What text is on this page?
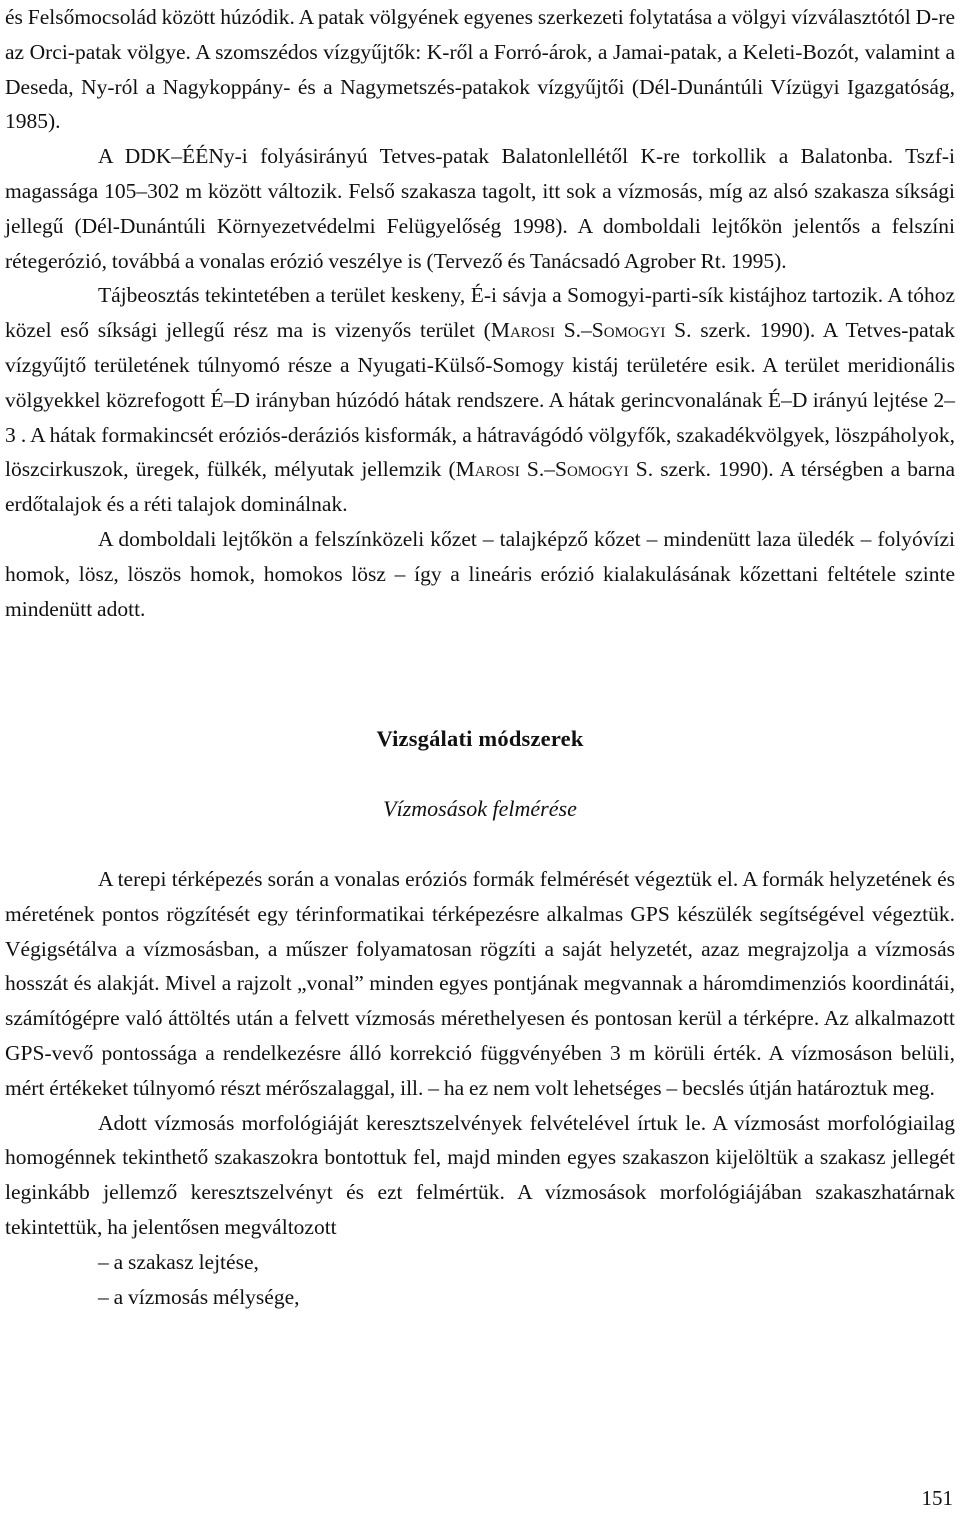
és Felsőmocsolád között húzódik. A patak völgyének egyenes szerkezeti folytatása a völgyi vízválasztótól D-re az Orci-patak völgye. A szomszédos vízgyűjtők: K-ről a Forró-árok, a Jamai-patak, a Keleti-Bozót, valamint a Deseda, Ny-ról a Nagykoppány- és a Nagymetszés-patakok vízgyűjtői (Dél-Dunántúli Vízügyi Igazgatóság, 1985).

A DDK–ÉÉNy-i folyásirányú Tetves-patak Balatonlellétől K-re torkollik a Balatonba. Tszf-i magassága 105–302 m között változik. Felső szakasza tagolt, itt sok a vízmosás, míg az alsó szakasza síksági jellegű (Dél-Dunántúli Környezetvédelmi Felügyelőség 1998). A domboldali lejtőkön jelentős a felszíni rétegerózió, továbbá a vonalas erózió veszélye is (Tervező és Tanácsadó Agrober Rt. 1995).

Tájbeosztás tekintetében a terület keskeny, É-i sávja a Somogyi-parti-sík kistájhoz tartozik. A tóhoz közel eső síksági jellegű rész ma is vizenyős terület (Marosi S.–Somogyi S. szerk. 1990). A Tetves-patak vízgyűjtő területének túlnyomó része a Nyugati-Külső-Somogy kistáj területére esik. A terület meridionális völgyekkel közrefogott É–D irányban húzódó hátak rendszere. A hátak gerincvonalának É–D irányú lejtése 2–3 . A hátak formakincsét eróziós-deráziós kisformák, a hátravágódó völgyfők, szakadékvölgyek, löszpáholyok, löszcirkuszok, üregek, fülkék, mélyutak jellemzik (Marosi S.–Somogyi S. szerk. 1990). A térségben a barna erdőtalajok és a réti talajok dominálnak.

A domboldali lejtőkön a felszínközeli kőzet – talajképző kőzet – mindenütt laza üledék – folyóvízi homok, lösz, löszös homok, homokos lösz – így a lineáris erózió kialakulásának kőzettani feltétele szinte mindenütt adott.

Vizsgálati módszerek
Vízmosások felmérése

A terepi térképezés során a vonalas eróziós formák felmérését végeztük el. A formák helyzetének és méretének pontos rögzítését egy térinformatikai térképezésre alkalmas GPS készülék segítségével végeztük. Végigsétálva a vízmosásban, a műszer folyamatosan rögzíti a saját helyzetét, azaz megrajzolja a vízmosás hosszát és alakját. Mivel a rajzolt „vonal” minden egyes pontjának megvannak a háromdimenziós koordinátái, számítógépre való áttöltés után a felvett vízmosás mérethelyesen és pontosan kerül a térképre. Az alkalmazott GPS-vevő pontossága a rendelkezésre álló korrekció függvényében 3 m körüli érték. A vízmosáson belüli, mért értékeket túlnyomó részt mérőszalaggal, ill. – ha ez nem volt lehetséges – becslés útján határoztuk meg.

Adott vízmosás morfológiáját keresztszelvények felvételével írtuk le. A vízmosást morfológiailag homogénnek tekinthető szakaszokra bontottuk fel, majd minden egyes szakaszon kijelöltük a szakasz jellegét leginkább jellemző keresztszelvényt és ezt felmértük. A vízmosások morfológiájában szakaszhatárnak tekintettük, ha jelentősen megváltozott

– a szakasz lejtése,

– a vízmosás mélysége,

151
